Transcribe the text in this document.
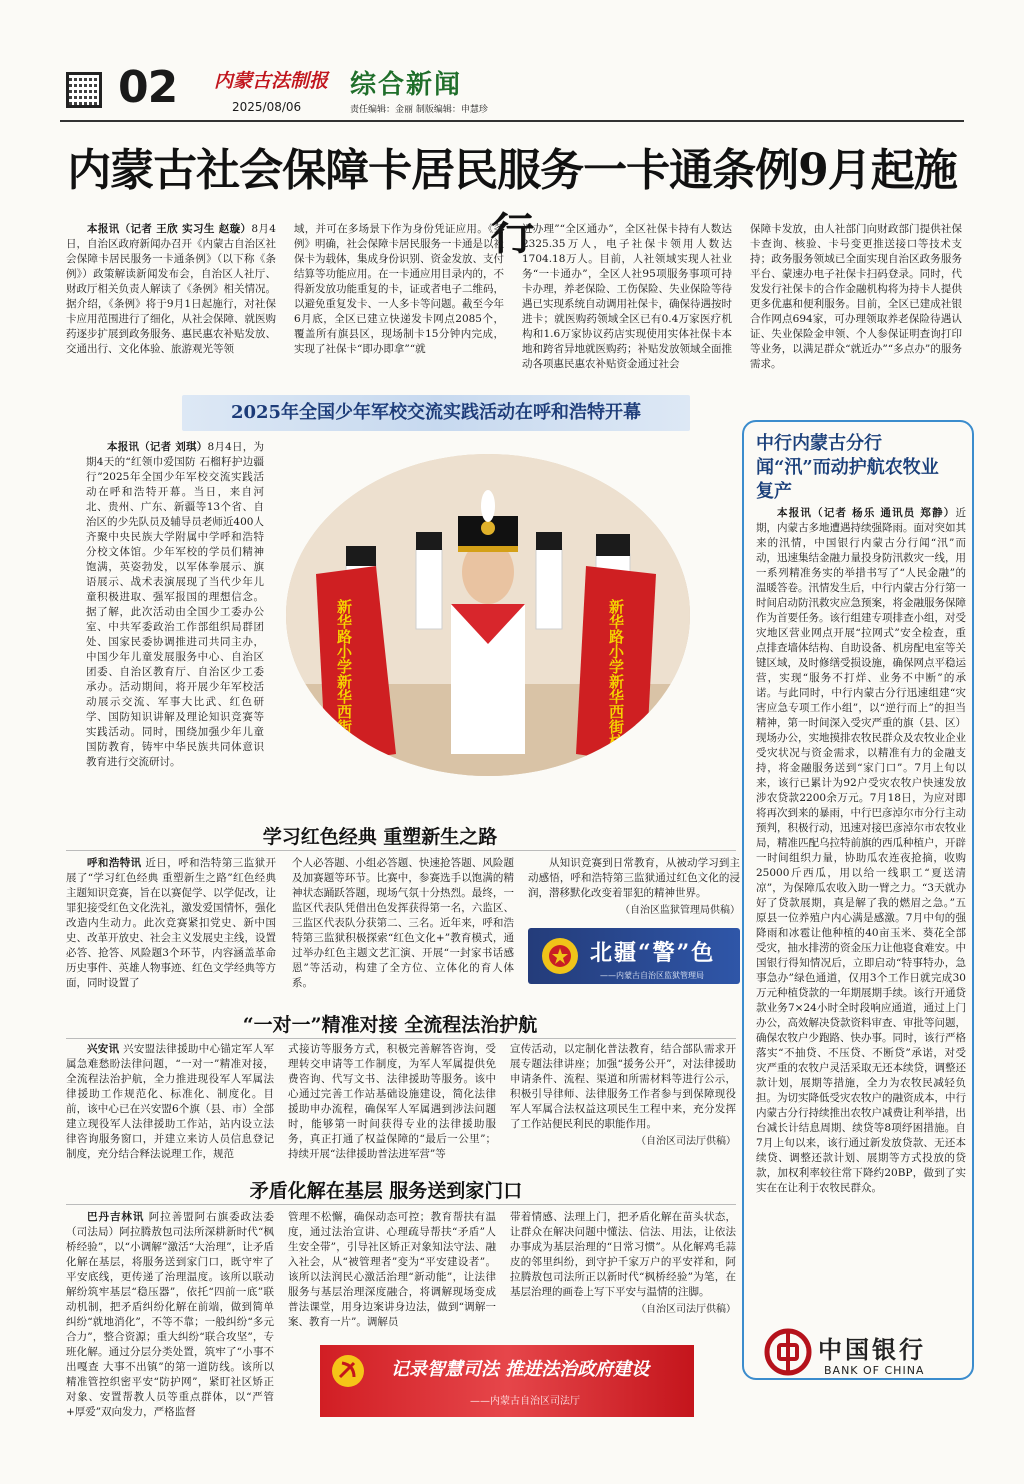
02 内蒙古法制报
2025/08/06
综合新闻
责任编辑：金丽 制版编辑：申慧珍
内蒙古社会保障卡居民服务一卡通条例9月起施行

本报讯（记者 王欣 实习生 赵璇）8月4日，自治区政府新闻办召开《内蒙古自治区社会保障卡居民服务一卡通条例》（以下称《条例》）政策解读新闻发布会，自治区人社厅、财政厅相关负责人解读了《条例》相关情况。据介绍，《条例》将于9月1日起施行，对社保卡应用范围进行了细化，从社会保障、就医购药逐步扩展到政务服务、惠民惠农补贴发放、交通出行、文化体验、旅游观光等领

域，并可在多场景下作为身份凭证应用。《条例》明确，社会保障卡居民服务一卡通是以社保卡为载体，集成身份识别、资金发放、支付结算等功能应用。在一卡通应用目录内的，不得新发放功能重复的卡，证或者电子二维码，以避免重复发卡、一人多卡等问题。截至今年6月底，全区已建立快递发卡网点2085个，覆盖所有旗县区，现场制卡15分钟内完成，实现了社保卡“即办即拿”“就

近办理”“全区通办”，全区社保卡持有人数达2325.35万人，电子社保卡领用人数达1704.18万人。目前，人社领域实现人社业务“一卡通办”，全区人社95项服务事项可持卡办理，养老保险、工伤保险、失业保险等待遇已实现系统自动调用社保卡，确保待遇按时进卡；就医购药领域全区已有0.4万家医疗机构和1.6万家协议药店实现使用实体社保卡本地和跨省异地就医购药；补贴发放领域全面推动各项惠民惠农补贴资金通过社会

保障卡发放，由人社部门向财政部门提供社保卡查询、核验、卡号变更推送接口等技术支持；政务服务领域已全面实现自治区政务服务平台、蒙速办电子社保卡扫码登录。同时，代发发行社保卡的合作金融机构将为持卡人提供更多优惠和便利服务。目前，全区已建成社银合作网点694家，可办理领取养老保险待遇认证、失业保险金申领、个人参保证明查询打印等业务，以满足群众“就近办”“多点办”的服务需求。

2025年全国少年军校交流实践活动在呼和浩特开幕

本报讯（记者 刘琪）8月4日，为期4天的“红领巾爱国防 石榴籽护边疆行”2025年全国少年军校交流实践活动在呼和浩特开幕。当日，来自河北、贵州、广东、新疆等13个省、自治区的少先队员及辅导员老师近400人齐聚中央民族大学附属中学呼和浩特分校文体馆。少年军校的学员们精神饱满，英姿勃发，以军体拳展示、旗语展示、战术表演展现了当代少年儿童积极进取、强军报国的理想信念。据了解，此次活动由全国少工委办公室、中共军委政治工作部组织局群团处、国家民委协调推进司共同主办，中国少年儿童发展服务中心、自治区团委、自治区教育厅、自治区少工委承办。活动期间，将开展少年军校活动展示交流、军事大比武、红色研学、国防知识讲解及理论知识竞赛等实践活动。同时，围绕加强少年儿童国防教育，铸牢中华民族共同体意识教育进行交流研讨。	新华路小学新华西街校区	新华路小学新华西街校区
学习红色经典 重塑新生之路

呼和浩特讯 近日，呼和浩特第三监狱开展了“学习红色经典 重塑新生之路”红色经典主题知识竞赛，旨在以赛促学、以学促改，让罪犯接受红色文化洗礼，激发爱国情怀，强化改造内生动力。此次竞赛紧扣党史、新中国史、改革开放史、社会主义发展史主线，设置必答、抢答、风险题3个环节，内容涵盖革命历史事件、英雄人物事迹、红色文学经典等方面，同时设置了

个人必答题、小组必答题、快速抢答题、风险题及加赛题等环节。比赛中，参赛选手以饱满的精神状态踊跃答题，现场气氛十分热烈。最终，一监区代表队凭借出色发挥获得第一名，六监区、三监区代表队分获第二、三名。近年来，呼和浩特第三监狱积极探索“红色文化+”教育模式，通过举办红色主题文艺汇演、开展“一封家书话感恩”等活动，构建了全方位、立体化的育人体系。

从知识竞赛到日常教育，从被动学习到主动感悟，呼和浩特第三监狱通过红色文化的浸润，潜移默化改变着罪犯的精神世界。

（自治区监狱管理局供稿）

北疆“警”色
——内蒙古自治区监狱管理局
“一对一”精准对接 全流程法治护航

兴安讯 兴安盟法律援助中心锚定军人军属急难愁盼法律问题，“一对一”精准对接，全流程法治护航，全力推进现役军人军属法律援助工作规范化、标准化、制度化。目前，该中心已在兴安盟6个旗（县、市）全部建立现役军人法律援助工作站，站内设立法律咨询服务窗口，并建立来访人员信息登记制度，充分结合释法说理工作，规范

式接访等服务方式，积极完善解答咨询，受理转交申请等工作制度，为军人军属提供免费咨询、代写文书、法律援助等服务。该中心通过完善工作站基础设施建设，简化法律援助申办流程，确保军人军属遇到涉法问题时，能够第一时间获得专业的法律援助服务，真正打通了权益保障的“最后一公里”；持续开展“法律援助普法进军营”等

宣传活动，以定制化普法教育，结合部队需求开展专题法律讲座；加强“援务公开”，对法律援助申请条件、流程、渠道和所需材料等进行公示，积极引导律师、法律服务工作者参与到保障现役军人军属合法权益这项民生工程中来，充分发挥了工作站便民利民的职能作用。

（自治区司法厅供稿）

矛盾化解在基层 服务送到家门口

巴丹吉林讯 阿拉善盟阿右旗委政法委（司法局）阿拉腾敖包司法所深耕新时代“枫桥经验”，以“小调解”激活“大治理”，让矛盾化解在基层，将服务送到家门口，既守牢了平安底线，更传递了治理温度。该所以联动解纷筑牢基层“稳压器”，依托“四前一底”联动机制，把矛盾纠纷化解在前端，做到简单纠纷“就地消化”，不等不靠；一般纠纷“多元合力”，整合资源；重大纠纷“联合攻坚”，专班化解。通过分层分类处置，筑牢了“小事不出嘎查 大事不出镇”的第一道防线。该所以精准管控织密平安“防护网”，紧盯社区矫正对象、安置帮教人员等重点群体，以“严管+厚爱”双向发力，严格监督

管理不松懈，确保动态可控；教育帮扶有温度，通过法治宣讲、心理疏导帮扶“矛盾”人生安全带”，引导社区矫正对象知法守法、融入社会，从“被管理者”变为“平安建设者”。该所以法润民心激活治理“新动能”，让法律服务与基层治理深度融合，将调解现场变成普法课堂，用身边案讲身边法，做到“调解一案、教育一片”。调解员

带着情感、法理上门，把矛盾化解在苗头状态，让群众在解决问题中懂法、信法、用法，让依法办事成为基层治理的“日常习惯”。从化解鸡毛蒜皮的邻里纠纷，到守护千家万户的平安祥和，阿拉腾敖包司法所正以新时代“枫桥经验”为笔，在基层治理的画卷上写下平安与温情的注脚。

（自治区司法厅供稿）

记录智慧司法 推进法治政府建设
——内蒙古自治区司法厅
中行内蒙古分行闻“汛”而动护航农牧业复产

本报讯（记者 杨乐 通讯员 郑静）近期，内蒙古多地遭遇持续强降雨。面对突如其来的汛情，中国银行内蒙古分行闻“汛”而动，迅速集结金融力量投身防汛救灾一线，用一系列精准务实的举措书写了“人民金融”的温暖答卷。汛情发生后，中行内蒙古分行第一时间启动防汛救灾应急预案，将金融服务保障作为首要任务。该行组建专项排查小组，对受灾地区营业网点开展“拉网式”安全检查，重点排查墙体结构、自助设备、机房配电室等关键区域，及时修缮受损设施，确保网点平稳运营，实现“服务不打烊、业务不中断”的承诺。与此同时，中行内蒙古分行迅速组建“灾害应急专项工作小组”，以“逆行而上”的担当精神，第一时间深入受灾严重的旗（县、区）现场办公，实地摸排农牧民群众及农牧业企业受灾状况与资金需求，以精准有力的金融支持，将金融服务送到“家门口”。7月上旬以来，该行已累计为92户受灾农牧户快速发放涉农贷款2200余万元。7月18日，为应对即将再次到来的暴雨，中行巴彦淖尔市分行主动预判，积极行动，迅速对接巴彦淖尔市农牧业局，精准匹配乌拉特前旗的西瓜种植户，开辟一时间组织力量，协助瓜农连夜抢摘，收购25000斤西瓜，用以给一线职工“夏送清凉”，为保障瓜农收入助一臂之力。“3天就办好了贷款展期，真是解了我的燃眉之急。”五原县一位养殖户内心满是感激。7月中旬的强降雨和冰雹让他种植的40亩玉米、葵花全部受灾，抽水排涝的资金压力让他寝食难安。中国银行得知情况后，立即启动“特事特办，急事急办”绿色通道，仅用3个工作日就完成30万元种植贷款的一年期展期手续。该行开通贷款业务7×24小时全时段响应通道，通过上门办公，高效解决贷款资料审查、审批等问题，确保农牧户少跑路、快办事。同时，该行严格落实“不抽贷、不压贷、不断贷”承诺，对受灾严重的农牧户灵活采取无还本续贷，调整还款计划，展期等措施，全力为农牧民减轻负担。为切实降低受灾农牧户的融资成本，中行内蒙古分行持续推出农牧户减费让利举措，出台减长计结息周期、续贷等8项纾困措施。自7月上旬以来，该行通过新发放贷款、无还本续贷、调整还款计划、展期等方式投放的贷款，加权利率较往常下降约20BP，做到了实实在在让利于农牧民群众。

中国银行
BANK OF CHINA
